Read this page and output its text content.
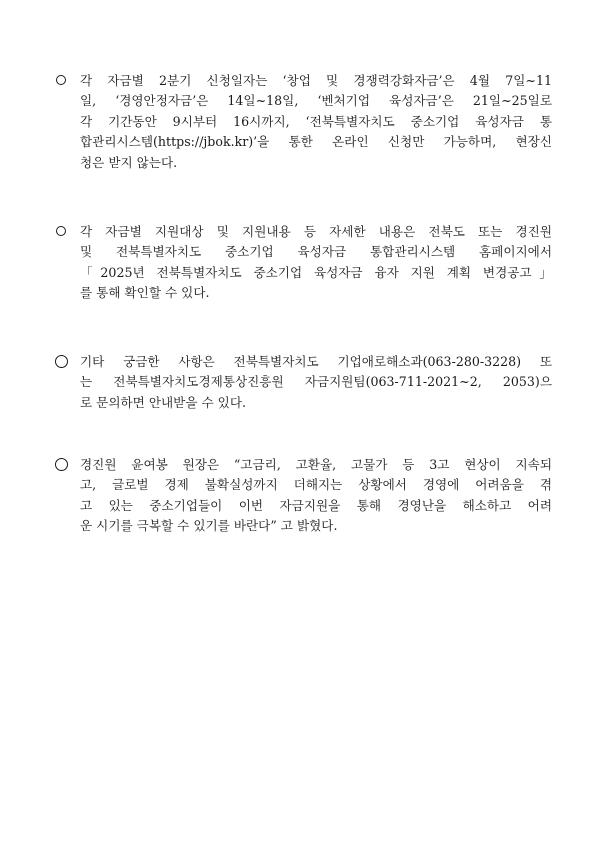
각 자금별 2분기 신청일자는 ‘창업 및 경쟁력강화자금’은 4월 7일~11
일, ‘경영안정자금’은 14일~18일, ‘벤처기업 육성자금’은 21일~25일로
각 기간동안 9시부터 16시까지, ‘전북특별자치도 중소기업 육성자금 통
합관리시스템(https://jbok.kr)’을 통한 온라인 신청만 가능하며, 현장신
청은 받지 않는다.
각 자금별 지원대상 및 지원내용 등 자세한 내용은 전북도 또는 경진원
및 전북특별자치도 중소기업 육성자금 통합관리시스템 홈페이지에서
「2025년 전북특별자치도 중소기업 육성자금 융자 지원 계획 변경공고」
를 통해 확인할 수 있다.
기타 궁금한 사항은 전북특별자치도 기업애로해소과(063-280-3228) 또
는 전북특별자치도경제통상진흥원 자금지원팀(063-711-2021~2, 2053)으
로 문의하면 안내받을 수 있다.
경진원 윤여봉 원장은 “고금리, 고환율, 고물가 등 3고 현상이 지속되
고, 글로벌 경제 불확실성까지 더해지는 상황에서 경영에 어려움을 겪
고 있는 중소기업들이 이번 자금지원을 통해 경영난을 해소하고 어려
운 시기를 극복할 수 있기를 바란다” 고 밝혔다.
